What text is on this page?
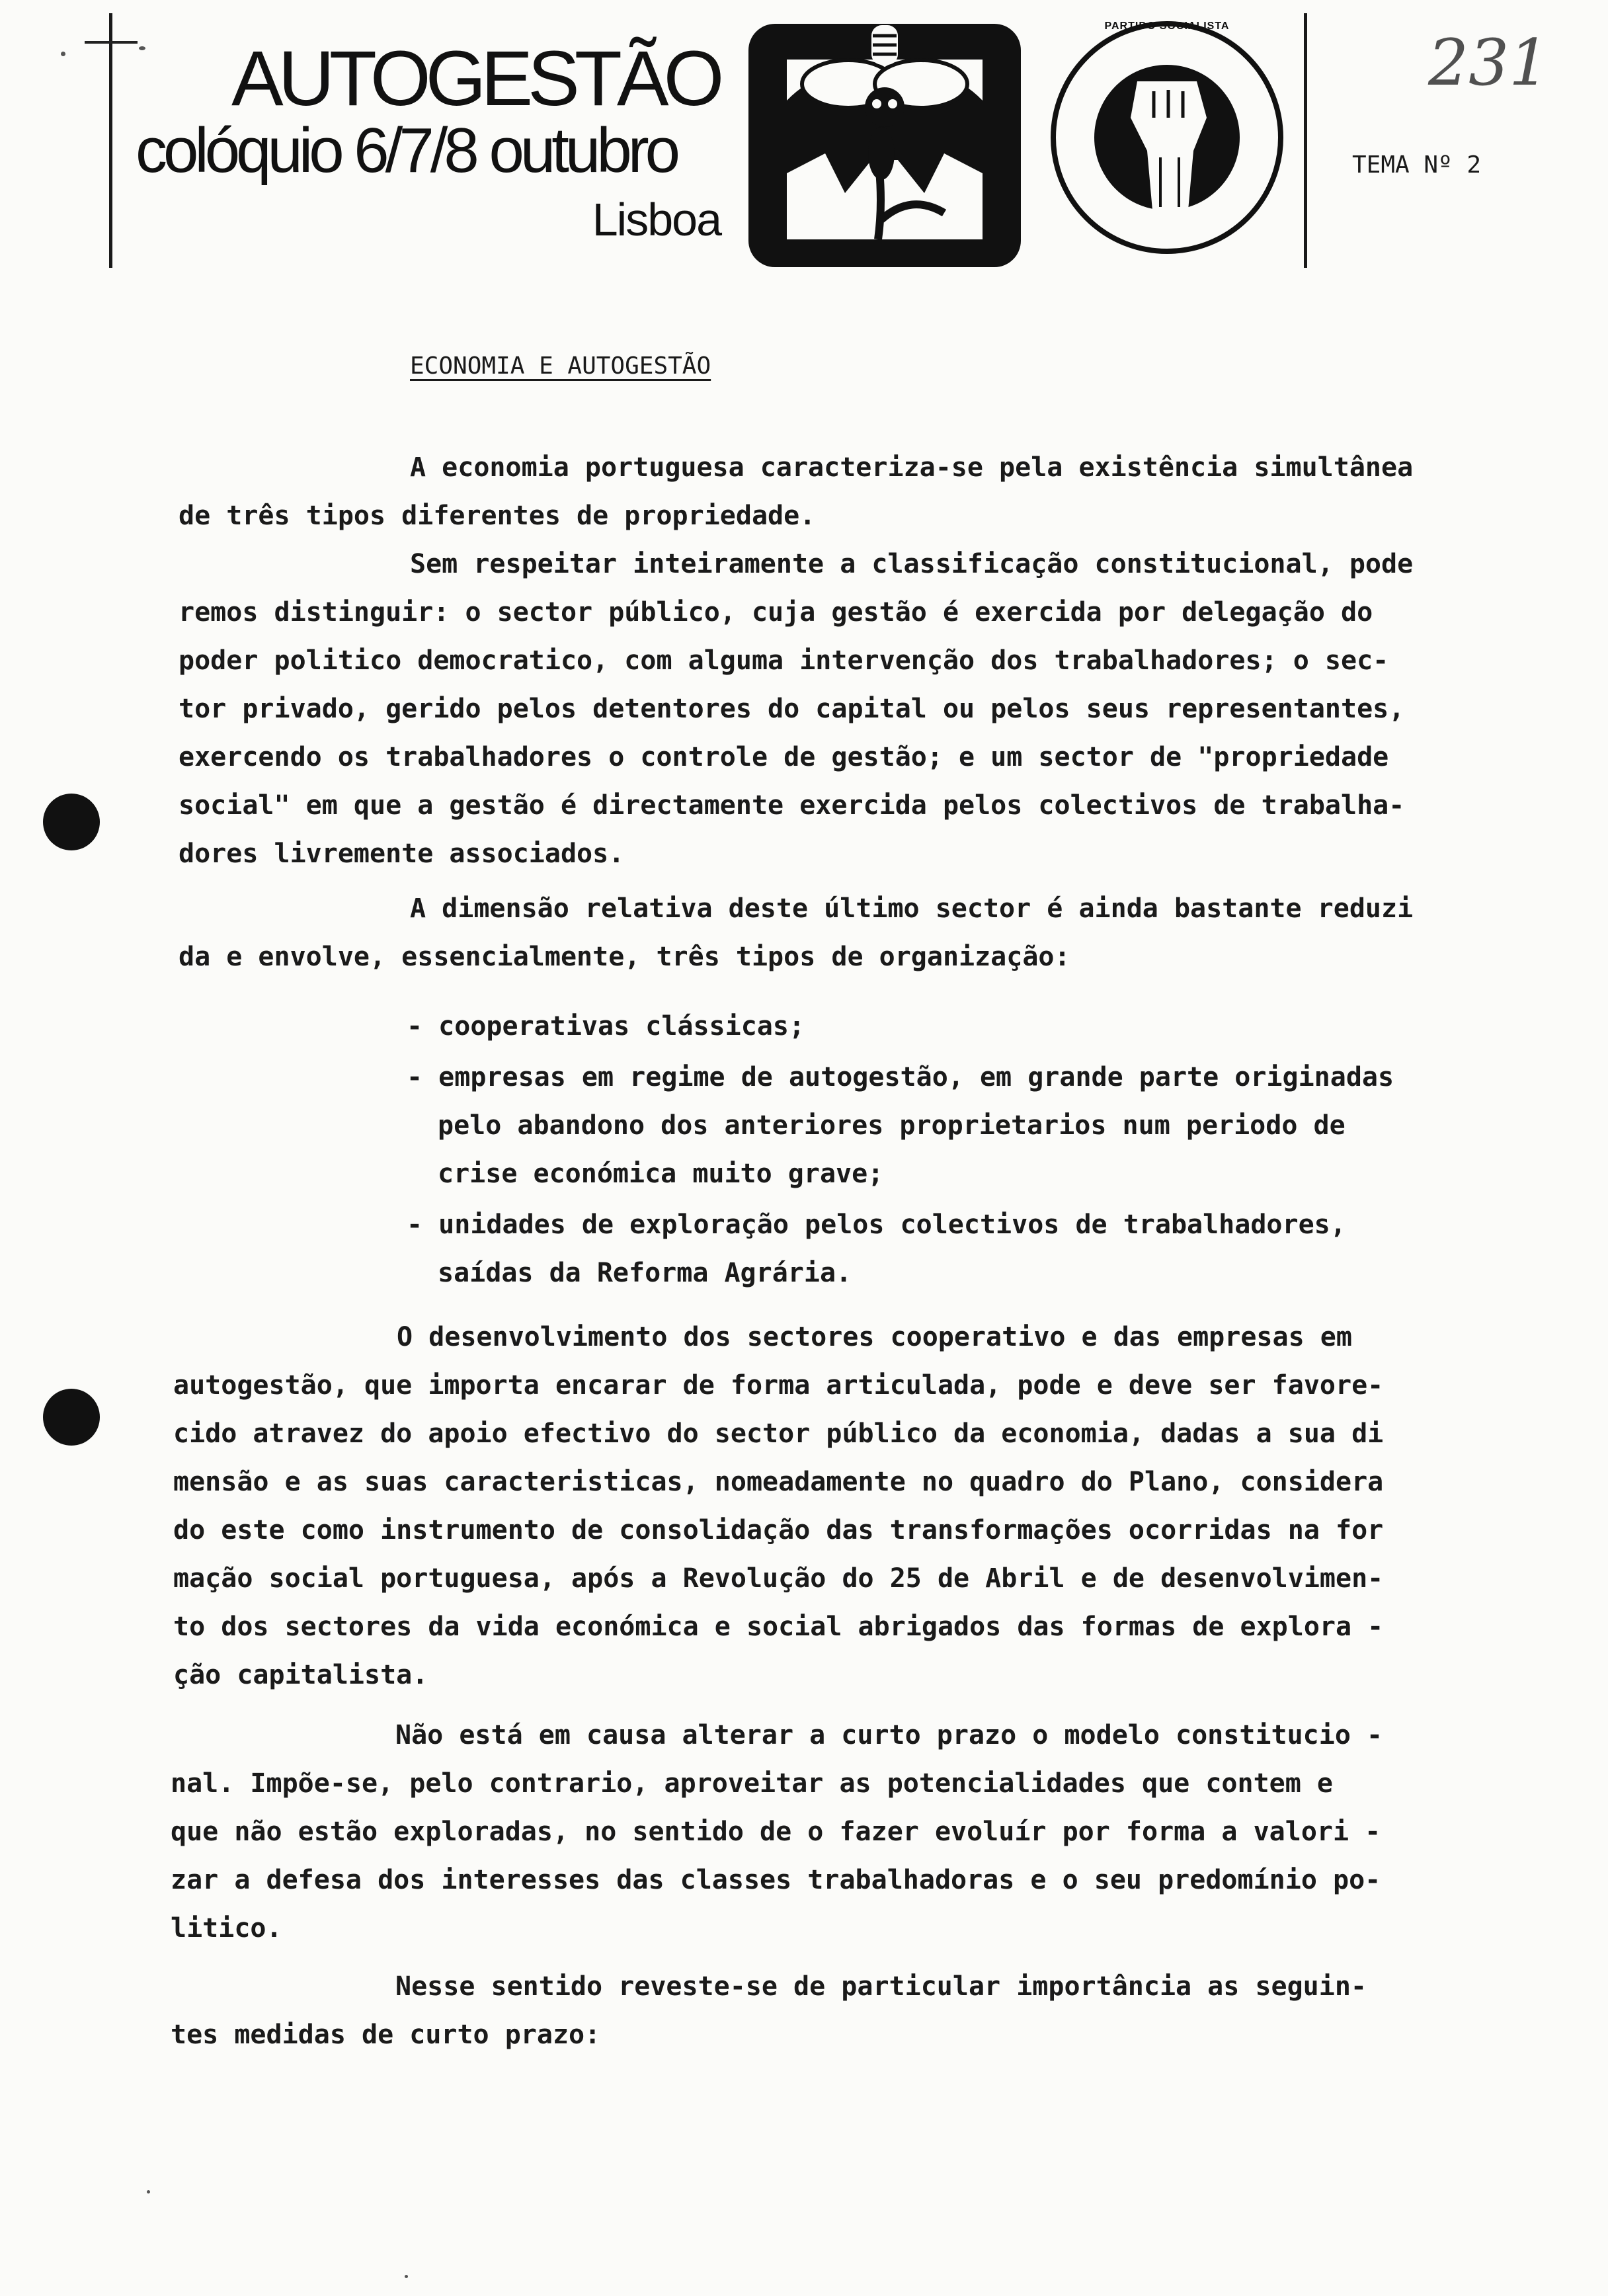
AUTOGESTÃO
colóquio 6/7/8 outubro
Lisboa
PARTIDO SOCIALISTA	231
TEMA Nº 2
ECONOMIA E AUTOGESTÃO
A economia portuguesa caracteriza-se pela existência simultânea
de três tipos diferentes de propriedade.
Sem respeitar inteiramente a classificação constitucional, pode
remos distinguir: o sector público, cuja gestão é exercida por delegação do
poder politico democratico, com alguma intervenção dos trabalhadores; o sec-
tor privado, gerido pelos detentores do capital ou pelos seus representantes,
exercendo os trabalhadores o controle de gestão; e um sector de "propriedade
social" em que a gestão é directamente exercida pelos colectivos de trabalha-
dores livremente associados.
A dimensão relativa deste último sector é ainda bastante reduzi
da e envolve, essencialmente, três tipos de organização:
- cooperativas clássicas;
- empresas em regime de autogestão, em grande parte originadas
pelo abandono dos anteriores proprietarios num periodo de
crise económica muito grave;
- unidades de exploração pelos colectivos de trabalhadores,
saídas da Reforma Agrária.
O desenvolvimento dos sectores cooperativo e das empresas em
autogestão, que importa encarar de forma articulada, pode e deve ser favore-
cido atravez do apoio efectivo do sector público da economia, dadas a sua di
mensão e as suas caracteristicas, nomeadamente no quadro do Plano, considera
do este como instrumento de consolidação das transformações ocorridas na for
mação social portuguesa, após a Revolução do 25 de Abril e de desenvolvimen-
to dos sectores da vida económica e social abrigados das formas de explora -
ção capitalista.
Não está em causa alterar a curto prazo o modelo constitucio -
nal. Impõe-se, pelo contrario, aproveitar as potencialidades que contem e
que não estão exploradas, no sentido de o fazer evoluír por forma a valori -
zar a defesa dos interesses das classes trabalhadoras e o seu predomínio po-
litico.
Nesse sentido reveste-se de particular importância as seguin-
tes medidas de curto prazo:
